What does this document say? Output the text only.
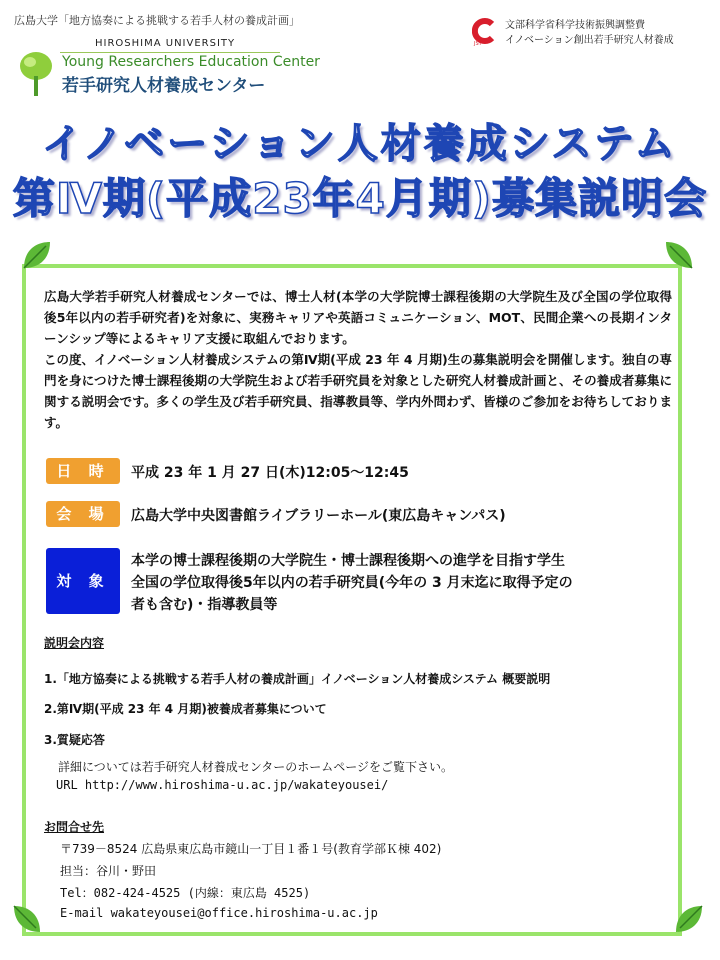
広島大学「地方協奏による挑戦する若手人材の養成計画」
HIROSHIMA UNIVERSITY
Young Researchers Education Center
若手研究人材養成センター
JST
文部科学省科学技術振興調整費
イノベーション創出若手研究人材養成
イノベーション人材養成システム
第Ⅳ期(平成23年4月期)募集説明会

広島大学若手研究人材養成センターでは、博士人材(本学の大学院博士課程後期の大学院生及び全国の学位取得後5年以内の若手研究者)を対象に、実務キャリアや英語コミュニケーション、MOT、民間企業への長期インターンシップ等によるキャリア支援に取組んでおります。

この度、イノベーション人材養成システムの第Ⅳ期(平成 23 年 4 月期)生の募集説明会を開催します。独自の専門を身につけた博士課程後期の大学院生および若手研究員を対象とした研究人材養成計画と、その養成者募集に関する説明会です。多くの学生及び若手研究員、指導教員等、学内外問わず、皆様のご参加をお待ちしております。

日 時	平成 23 年 1 月 27 日(木)12:05～12:45
会 場	広島大学中央図書館ライブラリーホール(東広島キャンパス)
対 象
本学の博士課程後期の大学院生・博士課程後期への進学を目指す学生
全国の学位取得後5年以内の若手研究員(今年の 3 月末迄に取得予定の
者も含む)・指導教員等
説明会内容
1.「地方協奏による挑戦する若手人材の養成計画」イノベーション人材養成システム 概要説明
2.第Ⅳ期(平成 23 年 4 月期)被養成者募集について
3.質疑応答
詳細については若手研究人材養成センターのホームページをご覧下さい。
URL http://www.hiroshima-u.ac.jp/wakateyousei/
お問合せ先
〒739－8524 広島県東広島市鏡山一丁目１番１号(教育学部Ｋ棟 402)
担当：谷川・野田
Tel：082-424-4525 (内線：東広島 4525)
E-mail wakateyousei@office.hiroshima-u.ac.jp
